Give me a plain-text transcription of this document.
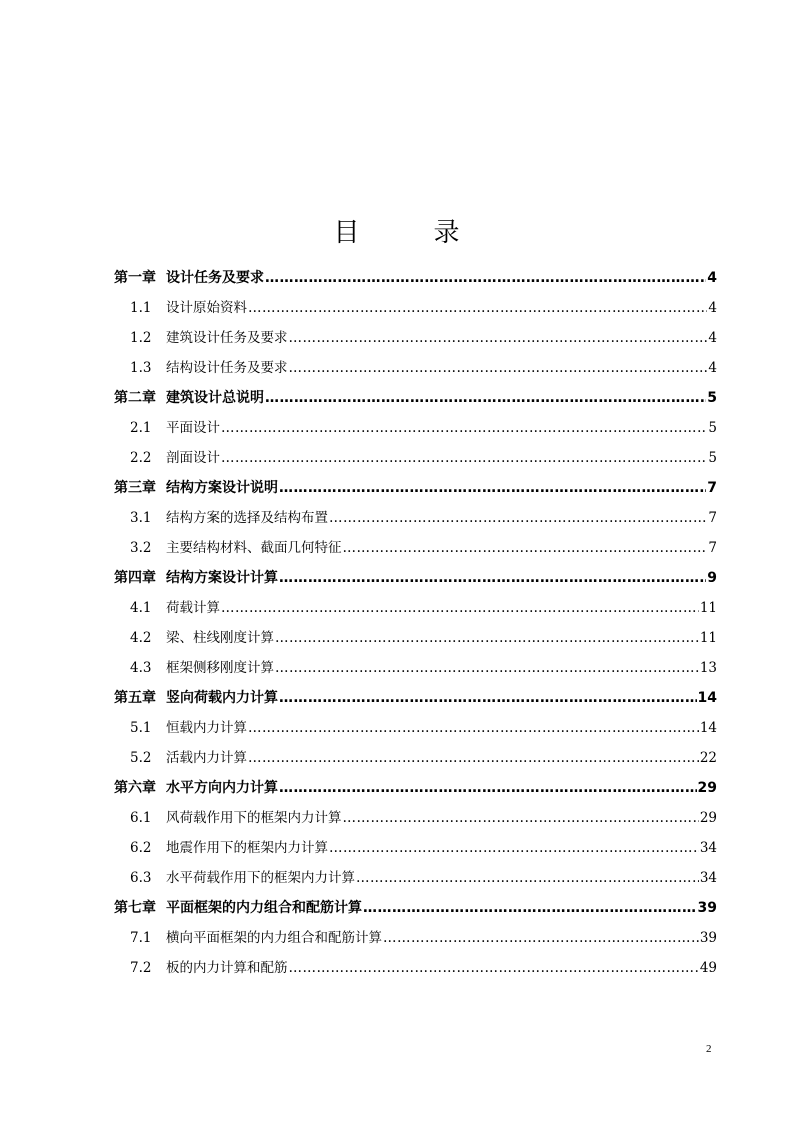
目　录
第一章 设计任务及要求 ………………………………………………………………………………………………………………………………………………………………………………	4
1.1	设计原始资料 ………………………………………………………………………………………………………………………………………………………………………………	4
1.2	建筑设计任务及要求 ………………………………………………………………………………………………………………………………………………………………………………	4
1.3	结构设计任务及要求 ………………………………………………………………………………………………………………………………………………………………………………	4
第二章 建筑设计总说明 ………………………………………………………………………………………………………………………………………………………………………………	5
2.1	平面设计 ………………………………………………………………………………………………………………………………………………………………………………	5
2.2	剖面设计 ………………………………………………………………………………………………………………………………………………………………………………	5
第三章 结构方案设计说明 ………………………………………………………………………………………………………………………………………………………………………………	7
3.1	结构方案的选择及结构布置 ………………………………………………………………………………………………………………………………………………………………………………	7
3.2	主要结构材料、截面几何特征 ………………………………………………………………………………………………………………………………………………………………………………	7
第四章 结构方案设计计算 ………………………………………………………………………………………………………………………………………………………………………………	9
4.1	荷载计算 ………………………………………………………………………………………………………………………………………………………………………………	11
4.2	梁、柱线刚度计算 ………………………………………………………………………………………………………………………………………………………………………………	11
4.3	框架侧移刚度计算 ………………………………………………………………………………………………………………………………………………………………………………	13
第五章 竖向荷载内力计算 ………………………………………………………………………………………………………………………………………………………………………………	14
5.1	恒载内力计算 ………………………………………………………………………………………………………………………………………………………………………………	14
5.2	活载内力计算 ………………………………………………………………………………………………………………………………………………………………………………	22
第六章 水平方向内力计算 ………………………………………………………………………………………………………………………………………………………………………………	29
6.1	风荷载作用下的框架内力计算 ………………………………………………………………………………………………………………………………………………………………………………	29
6.2	地震作用下的框架内力计算 ………………………………………………………………………………………………………………………………………………………………………………	34
6.3	水平荷载作用下的框架内力计算 ………………………………………………………………………………………………………………………………………………………………………………	34
第七章 平面框架的内力组合和配筋计算 ………………………………………………………………………………………………………………………………………………………………………………	39
7.1	横向平面框架的内力组合和配筋计算 ………………………………………………………………………………………………………………………………………………………………………………	39
7.2	板的内力计算和配筋 ………………………………………………………………………………………………………………………………………………………………………………	49
2
